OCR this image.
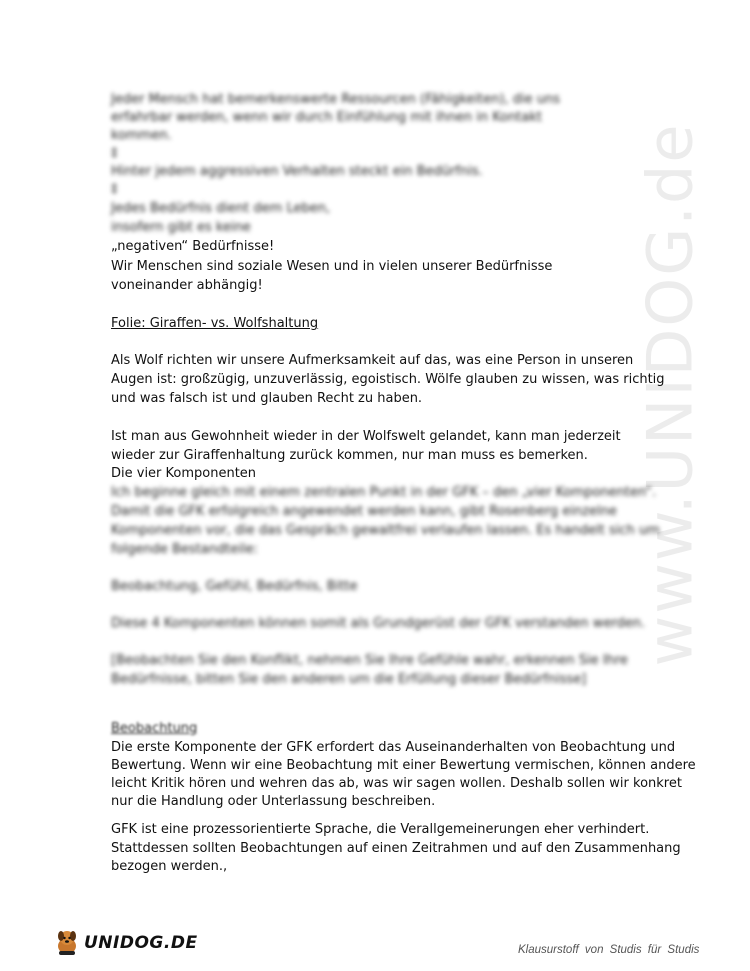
www.UNIDOG.de
Jeder Mensch hat bemerkenswerte Ressourcen (Fähigkeiten), die uns
erfahrbar werden, wenn wir durch Einfühlung mit ihnen in Kontakt
kommen.
‡
Hinter jedem aggressiven Verhalten steckt ein Bedürfnis.
‡
Jedes Bedürfnis dient dem Leben,
insofern gibt es keine
„negativen“ Bedürfnisse!
Wir Menschen sind soziale Wesen und in vielen unserer Bedürfnisse
voneinander abhängig!
Folie: Giraffen- vs. Wolfshaltung
Als Wolf richten wir unsere Aufmerksamkeit auf das, was eine Person in unseren
Augen ist: großzügig, unzuverlässig, egoistisch. Wölfe glauben zu wissen, was richtig
und was falsch ist und glauben Recht zu haben.
Ist man aus Gewohnheit wieder in der Wolfswelt gelandet, kann man jederzeit
wieder zur Giraffenhaltung zurück kommen, nur man muss es bemerken.
Die vier Komponenten
Ich beginne gleich mit einem zentralen Punkt in der GFK – den „vier Komponenten“.
Damit die GFK erfolgreich angewendet werden kann, gibt Rosenberg einzelne
Komponenten vor, die das Gespräch gewaltfrei verlaufen lassen. Es handelt sich um
folgende Bestandteile:
Beobachtung, Gefühl, Bedürfnis, Bitte
Diese 4 Komponenten können somit als Grundgerüst der GFK verstanden werden.
[Beobachten Sie den Konflikt, nehmen Sie Ihre Gefühle wahr, erkennen Sie Ihre
Bedürfnisse, bitten Sie den anderen um die Erfüllung dieser Bedürfnisse]
Beobachtung
Die erste Komponente der GFK erfordert das Auseinanderhalten von Beobachtung und
Bewertung. Wenn wir eine Beobachtung mit einer Bewertung vermischen, können andere
leicht Kritik hören und wehren das ab, was wir sagen wollen. Deshalb sollen wir konkret
nur die Handlung oder Unterlassung beschreiben.
GFK ist eine prozessorientierte Sprache, die Verallgemeinerungen eher verhindert.
Stattdessen sollten Beobachtungen auf einen Zeitrahmen und auf den Zusammenhang
bezogen werden.,
UNIDOG.DE	Klausurstoff von Studis für Studis
